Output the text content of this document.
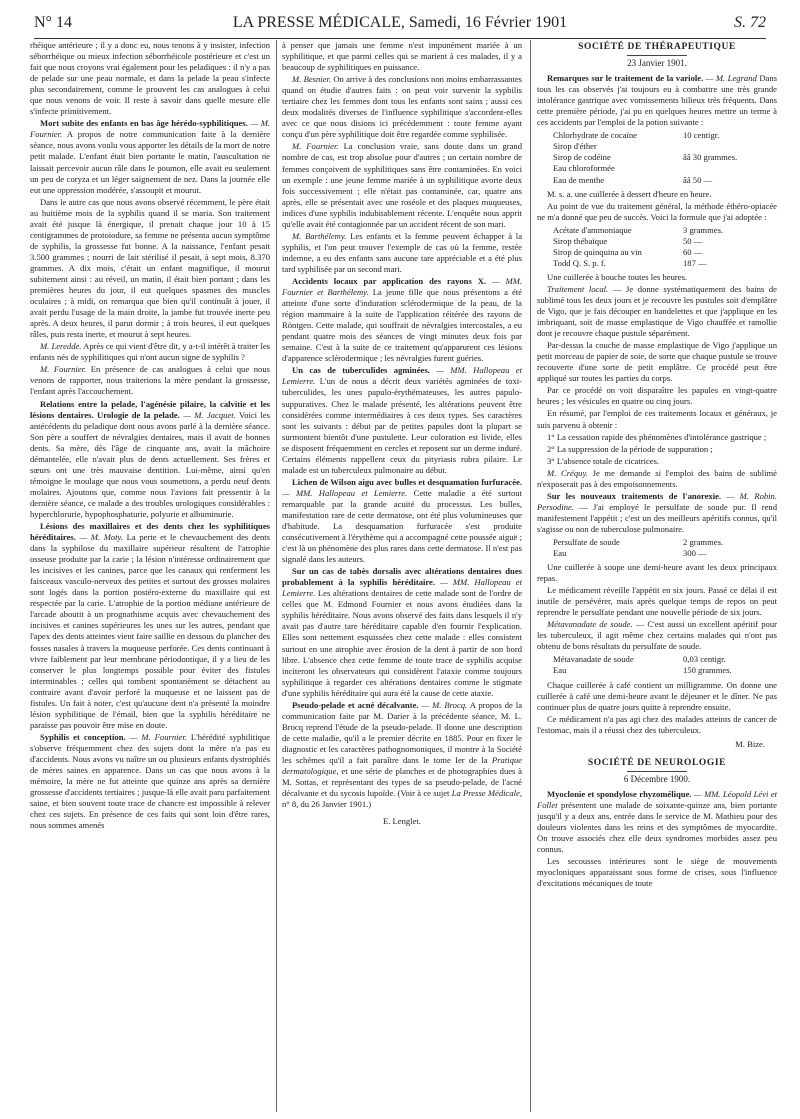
N° 14	LA PRESSE MÉDICALE, Samedi, 16 Février 1901	S. 72

rhéique antérieure ; il y a donc eu, nous tenons à y insister, infection séborrhéique ou mieux infection séborrhéicole postérieure et c'est un fait que nous croyons vrai également pour les peladiques : il n'y a pas de pelade sur une peau normale, et dans la pelade la peau s'infecte plus secondairement, comme le prouvent les cas analogues à celui que nous venons de voir. Il reste à savoir dans quelle mesure elle s'infecte primitivement.

Mort subite des enfants en bas âge hérédo-syphilitiques. — M. Fournier. A propos de notre communication faite à la dernière séance, nous avons voulu vous apporter les détails de la mort de notre petit malade. L'enfant était bien portante le matin, l'auscultation ne laissait percevoir aucun râle dans le poumon, elle avait eu seulement un peu de coryza et un léger saignement de nez. Dans la journée elle eut une oppression modérée, s'assoupit et mourut.

Dans le autre cas que nous avons observé récemment, le père était au huitième mois de la syphilis quand il se maria. Son traitement avait été jusque là énergique, il prenait chaque jour 10 à 15 centigrammes de protoiodure, sa femme ne présenta aucun symptôme de syphilis, la grossesse fut bonne. A la naissance, l'enfant pesait 3.500 grammes ; nourri de lait stérilisé il pesait, à sept mois, 8.370 grammes. A dix mois, c'était un enfant magnifique, il mourut subitement ainsi : au réveil, un matin, il était bien portant ; dans les premières heures du jour, il eut quelques spasmes des muscles oculaires ; à midi, on remarqua que bien qu'il continuât à jouer, il avait perdu l'usage de la main droite, la jambe fut trouvée inerte peu après. A deux heures, il parut dormir ; à trois heures, il eut quelques râles, puis resta inerte, et mourut à sept heures.

M. Leredde. Après ce qui vient d'être dit, y a-t-il intérêt à traiter les enfants nés de syphilitiques qui n'ont aucun signe de syphilis ?

M. Fournier. En présence de cas analogues à celui que nous venons de rapporter, nous traiterions la mère pendant la grossesse, l'enfant après l'accouchement.

Relations entre la pelade, l'agénésie pilaire, la calvitie et les lésions dentaires. Urologie de la pelade. — M. Jacquet. Voici les antécédents du peladique dont nous avons parlé à la dernière séance. Son père a souffert de névralgies dentaires, mais il avait de bonnes dents. Sa mère, dès l'âge de cinquante ans, avait la mâchoire démantelée, elle n'avait plus de dents actuellement. Ses frères et sœurs ont une très mauvaise dentition. Lui-même, ainsi qu'en témoigne le moulage que nous vous soumettons, a perdu neuf dents molaires. Ajoutons que, comme nous l'avions fait pressentir à la dernière séance, ce malade a des troubles urologiques considérables : hyperchlorurie, hypophosphaturie, polyurie et albuminurie.

Lésions des maxillaires et des dents chez les syphilitiques héréditaires. — M. Moty. La perte et le chevauchement des dents dans la syphilose du maxillaire supérieur résultent de l'atrophie osseuse produite par la carie ; la lésion n'intéresse ordinairement que les incisives et les canines, parce que les canaux qui renferment les faisceaux vasculo-nerveux des petites et surtout des grosses molaires sont logés dans la portion postéro-externe du maxillaire qui est respectée par la carie. L'atrophie de la portion médiane antérieure de l'arcade aboutit à un prognathisme acquis avec chevauchement des incisives et canines supérieures les unes sur les autres, pendant que l'apex des dents atteintes vient faire saillie en dessous du plancher des fosses nasales à travers la muqueuse perforée. Ces dents continuant à vivre faiblement par leur membrane périodontique, il y a lieu de les conserver le plus longtemps possible pour éviter des fistules interminables ; celles qui tombent spontanément se détachent au contraire avant d'avoir perforé la muqueuse et ne laissent pas de fistules. Un fait à noter, c'est qu'aucune dent n'a présenté la moindre lésion syphilitique de l'émail, bien que la syphilis héréditaire ne paraisse pas pouvoir être mise en doute.

Syphilis et conception. — M. Fournier. L'hérédité syphilitique s'observe fréquemment chez des sujets dont la mère n'a pas eu d'accidents. Nous avons vu naître un ou plusieurs enfants dystrophiés de mères saines en apparence. Dans un cas que nous avons à la mémoire, la mère ne fut atteinte que quinze ans après sa dernière grossesse d'accidents tertiaires ; jusque-là elle avait paru parfaitement saine, et bien souvent toute trace de chancre est impossible à relever chez ces sujets. En présence de ces faits qui sont loin d'être rares, nous sommes amenés

à penser que jamais une femme n'est impunément mariée à un syphilitique, et que parmi celles qui se marient à ces malades, il y a beaucoup de syphilitiques en puissance.

M. Besnier. On arrive à des conclusions non moins embarrassantes quand on étudie d'autres faits : on peut voir survenir la syphilis tertiaire chez les femmes dont tous les enfants sont sains ; aussi ces deux modalités diverses de l'influence syphilitique s'accordent-elles avec ce que nous disions ici précédemment : toute femme ayant conçu d'un père syphilitique doit être regardée comme syphilisée.

M. Fournier. La conclusion vraie, sans doute dans un grand nombre de cas, est trop absolue pour d'autres ; un certain nombre de femmes conçoivent de syphilitiques sans être contaminées. En voici un exemple : une jeune femme mariée à un syphilitique avorte deux fois successivement ; elle n'était pas contaminée, car, quatre ans après, elle se présentait avec une roséole et des plaques muqueuses, indices d'une syphilis indubitablement récente. L'enquête nous apprit qu'elle avait été contagionnée par un accident récent de son mari.

M. Barthélemy. Les enfants et la femme peuvent échapper à la syphilis, et l'on peut trouver l'exemple de cas où la femme, restée indemne, a eu des enfants sans aucune tare appréciable et a été plus tard syphilisée par un second mari.

Accidents locaux par application des rayons X. — MM. Fournier et Barthélemy. La jeune fille que nous présentons a été atteinte d'une sorte d'induration sclérodermique de la peau, de la région mammaire à la suite de l'application réitérée des rayons de Röntgen. Cette malade, qui souffrait de névralgies intercostales, a eu pendant quatre mois des séances de vingt minutes deux fois par semaine. C'est à la suite de ce traitement qu'apparurent ces lésions d'apparence sclérodermique ; les névralgies furent guéries.

Un cas de tuberculides agminées. — MM. Hallopeau et Lemierre. L'un de nous a décrit deux variétés agminées de toxi-tuberculides, les unes papulo-érythémateuses, les autres papulo-suppuratives. Chez le malade présenté, les altérations peuvent être considérées comme intermédiaires à ces deux types. Ses caractères sont les suivants : début par de petites papules dont la plupart se surmontent bientôt d'une pustulette. Leur coloration est livide, elles se disposent fréquemment en cercles et reposent sur un derme induré. Certains éléments rappellent ceux du pityriasis rubra pilaire. Le malade est un tuberculeux pulmonaire au début.

Lichen de Wilson aigu avec bulles et desquamation furfuracée. — MM. Hallopeau et Lemierre. Cette maladie a été surtout remarquable par la grande acuité du processus. Les bulles, manifestation rare de cette dermatose, ont été plus volumineuses que d'habitude. La desquamation furfuracée s'est produite consécutivement à l'érythème qui a accompagné cette poussée aiguë ; c'est là un phénomène des plus rares dans cette dermatose. Il n'est pas signalé dans les auteurs.

Sur un cas de tabès dorsalis avec altérations dentaires dues probablement à la syphilis héréditaire. — MM. Hallopeau et Lemierre. Les altérations dentaires de cette malade sont de l'ordre de celles que M. Edmond Fournier et nous avons étudiées dans la syphilis héréditaire. Nous avons observé des faits dans lesquels il n'y avait pas d'autre tare héréditaire capable d'en fournir l'explication. Elles sont nettement esquissées chez cette malade : elles consistent surtout en une atrophie avec érosion de la dent à partir de son bord libre. L'absence chez cette femme de toute trace de syphilis acquise inciteront les observateurs qui considèrent l'ataxie comme toujours syphilitique à regarder ces altérations dentaires comme le stigmate d'une syphilis héréditaire qui aura été la cause de cette ataxie.

Pseudo-pelade et acné décalvante. — M. Brocq. A propos de la communication faite par M. Darier à la précédente séance, M. L. Brocq reprend l'étude de la pseudo-pelade. Il donne une description de cette maladie, qu'il a le premier décrite en 1885. Pour en fixer le diagnostic et les caractères pathognomoniques, il montre à la Société les schémes qu'il a fait paraître dans le tome Ier de la Pratique dermatologique, et une série de planches et de photographies dues à M. Sottas, et représentant des types de sa pseudo-pelade, de l'acné décalvante et du sycosis lupoïde. (Voir à ce sujet La Presse Médicale, n° 8, du 26 Janvier 1901.)

E. Lenglet.
SOCIÉTÉ DE THÉRAPEUTIQUE
23 Janvier 1901.

Remarques sur le traitement de la variole. — M. Legrand Dans tous les cas observés j'ai toujours eu à combattre une très grande intolérance gastrique avec vomissements bilieux très fréquents. Dans cette première période, j'ai pu en quelques heures mettre un terme à ces accidents par l'emploi de la potion suivante :

Chlorhydrate de cocaïne	10 centigr.
Sirop d'éther
Sirop de codéine	ââ 30 grammes.
Eau chloroformée
Eau de menthe	ââ 50 —

M. s. a. une cuillerée à dessert d'heure en heure.

Au point de vue du traitement général, la méthode éthéro-opiacée ne m'a donné que peu de succès. Voici la formule que j'ai adoptée :

Acétate d'ammoniaque	3 grammes.
Sirop thébaïque	50 —
Sirop de quinquina au vin	60 —
Todd Q. S. p. f.	187 —

Une cuillerée à bouche toutes les heures.

Traitement local. — Je donne systématiquement des bains de sublimé tous les deux jours et je recouvre les pustules soit d'emplâtre de Vigo, que je fais découper en bandelettes et que j'applique en les imbriquant, soit de masse emplastique de Vigo chauffée et ramollie dont je recouvre chaque pustule séparément.

Par-dessus la couche de masse emplastique de Vigo j'applique un petit morceau de papier de soie, de sorte que chaque pustule se trouve recouverte d'une sorte de petit emplâtre. Ce procédé peut être appliqué sur toutes les parties du corps.

Par ce procédé on voit disparaître les papules en vingt-quatre heures ; les vésicules en quatre ou cinq jours.

En résumé, par l'emploi de ces traitements locaux et généraux, je suis parvenu à obtenir :

1° La cessation rapide des phénomènes d'intolérance gastrique ;

2° La suppression de la période de suppuration ;

3° L'absence totale de cicatrices.

M. Créquy. Je me demande si l'emploi des bains de sublimé n'exposerait pas à des empoisonnements.

Sur les nouveaux traitements de l'anorexie. — M. Robin. Persodine. — J'ai employé le persulfate de soude pur. Il rend manifestement l'appétit ; c'est un des meilleurs apéritifs connus, qu'il s'agisse ou non de tuberculose pulmonaire.

Persulfate de soude	2 grammes.
Eau	300 —

Une cuillerée à soupe une demi-heure avant les deux principaux repas.

Le médicament réveille l'appétit en six jours. Passé ce délai il est inutile de persévérer, mais après quelque temps de repos on peut reprendre le persulfate pendant une nouvelle période de six jours.

Métavanadate de soude. — C'est aussi un excellent apéritif pour les tuberculeux, il agit même chez certains malades qui n'ont pas obtenu de bons résultats du persulfate de soude.

Métavanadate de soude	0,03 centigr.
Eau	150 grammes.

Chaque cuillerée à café contient un milligramme. On donne une cuillerée à café une demi-heure avant le déjeuner et le dîner. Ne pas continuer plus de quatre jours quitte à reprendre ensuite.

Ce médicament n'a pas agi chez des malades atteints de cancer de l'estomac, mais il a réussi chez des tuberculeux.

M. Bize.
SOCIÉTÉ DE NEUROLOGIE
6 Décembre 1900.

Myoclonie et spondylose rhyzomélique. — MM. Léopold Lévi et Follet présentent une malade de soixante-quinze ans, bien portante jusqu'il y a deux ans, entrée dans le service de M. Mathieu pour des douleurs violentes dans les reins et des symptômes de myocardite. On trouve associés chez elle deux syndromes morbides assez peu connus.

Les secousses intérieures sont le siège de mouvements myocloniques apparaissant sous forme de crises, sous l'influence d'excitations mécaniques de toute
